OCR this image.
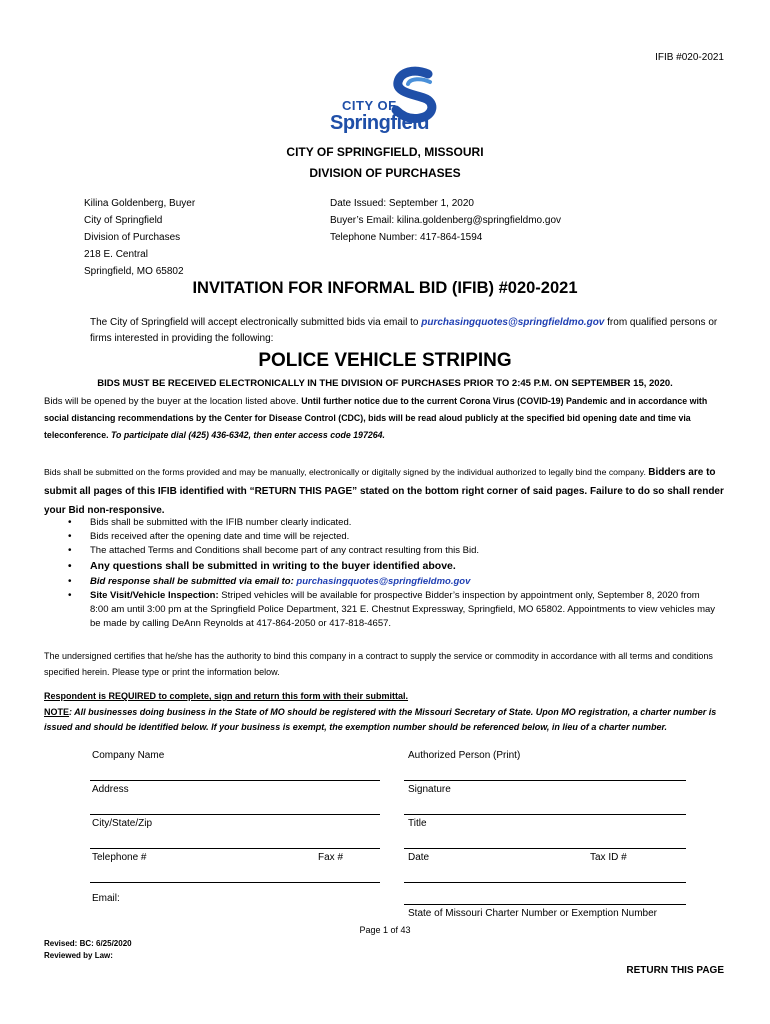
IFIB #020-2021
CITY OF
Springfield
CITY OF SPRINGFIELD, MISSOURI
DIVISION OF PURCHASES
Kilina Goldenberg, Buyer
City of Springfield
Division of Purchases
218 E. Central
Springfield, MO 65802
Date Issued: September 1, 2020
Buyer’s Email: kilina.goldenberg@springfieldmo.gov
Telephone Number: 417-864-1594
INVITATION FOR INFORMAL BID (IFIB) #020-2021
The City of Springfield will accept electronically submitted bids via email to purchasingquotes@springfieldmo.gov from qualified persons or firms interested in providing the following:
POLICE VEHICLE STRIPING
BIDS MUST BE RECEIVED ELECTRONICALLY IN THE DIVISION OF PURCHASES PRIOR TO 2:45 P.M. ON SEPTEMBER 15, 2020.
Bids will be opened by the buyer at the location listed above. Until further notice due to the current Corona Virus (COVID-19) Pandemic and in accordance with social distancing recommendations by the Center for Disease Control (CDC), bids will be read aloud publicly at the specified bid opening date and time via teleconference. To participate dial (425) 436-6342, then enter access code 197264.
Bids shall be submitted on the forms provided and may be manually, electronically or digitally signed by the individual authorized to legally bind the company. Bidders are to submit all pages of this IFIB identified with “RETURN THIS PAGE” stated on the bottom right corner of said pages. Failure to do so shall render your Bid non-responsive.
• Bids shall be submitted with the IFIB number clearly indicated.
• Bids received after the opening date and time will be rejected.
• The attached Terms and Conditions shall become part of any contract resulting from this Bid.
• Any questions shall be submitted in writing to the buyer identified above.
• Bid response shall be submitted via email to: purchasingquotes@springfieldmo.gov
• Site Visit/Vehicle Inspection: Striped vehicles will be available for prospective Bidder’s inspection by appointment only, September 8, 2020 from 8:00 am until 3:00 pm at the Springfield Police Department, 321 E. Chestnut Expressway, Springfield, MO 65802. Appointments to view vehicles may be made by calling DeAnn Reynolds at 417-864-2050 or 417-818-4657.
The undersigned certifies that he/she has the authority to bind this company in a contract to supply the service or commodity in accordance with all terms and conditions specified herein. Please type or print the information below.
Respondent is REQUIRED to complete, sign and return this form with their submittal.
NOTE: All businesses doing business in the State of MO should be registered with the Missouri Secretary of State. Upon MO registration, a charter number is issued and should be identified below. If your business is exempt, the exemption number should be referenced below, in lieu of a charter number.
Company Name	Authorized Person (Print)
Address	Signature
City/State/Zip	Title
Telephone #	Fax #	Date	Tax ID #
Email:
State of Missouri Charter Number or Exemption Number
Page 1 of 43
Revised: BC: 6/25/2020
Reviewed by Law:
RETURN THIS PAGE
